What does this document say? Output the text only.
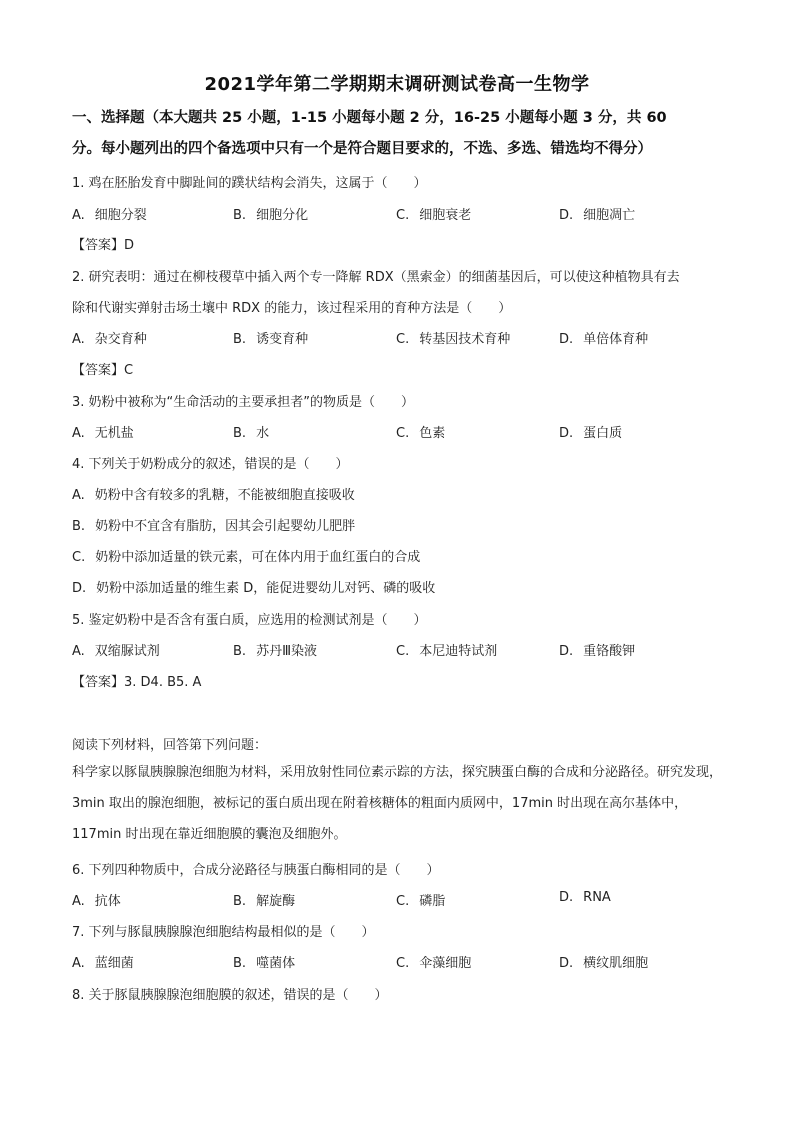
2021学年第二学期期末调研测试卷高一生物学
一、选择题（本大题共 25 小题，1-15 小题每小题 2 分，16-25 小题每小题 3 分，共 60
分。每小题列出的四个备选项中只有一个是符合题目要求的，不选、多选、错选均不得分）
1. 鸡在胚胎发育中脚趾间的蹼状结构会消失，这属于（　　）
A. 细胞分裂	B. 细胞分化	C. 细胞衰老	D. 细胞凋亡
【答案】D
2. 研究表明：通过在柳枝稷草中插入两个专一降解 RDX（黑索金）的细菌基因后，可以使这种植物具有去
除和代谢实弹射击场土壤中 RDX 的能力，该过程采用的育种方法是（　　）
A. 杂交育种	B. 诱变育种	C. 转基因技术育种	D. 单倍体育种
【答案】C
3. 奶粉中被称为“生命活动的主要承担者”的物质是（　　）
A. 无机盐	B. 水	C. 色素	D. 蛋白质
4. 下列关于奶粉成分的叙述，错误的是（　　）
A. 奶粉中含有较多的乳糖，不能被细胞直接吸收
B. 奶粉中不宜含有脂肪，因其会引起婴幼儿肥胖
C. 奶粉中添加适量的铁元素，可在体内用于血红蛋白的合成
D. 奶粉中添加适量的维生素 D，能促进婴幼儿对钙、磷的吸收
5. 鉴定奶粉中是否含有蛋白质，应选用的检测试剂是（　　）
A. 双缩脲试剂	B. 苏丹Ⅲ染液	C. 本尼迪特试剂	D. 重铬酸钾
【答案】3. D4. B5. A
阅读下列材料，回答第下列问题：
科学家以豚鼠胰腺腺泡细胞为材料，采用放射性同位素示踪的方法，探究胰蛋白酶的合成和分泌路径。研究发现，3min 取出的腺泡细胞，被标记的蛋白质出现在附着核糖体的粗面内质网中，17min 时出现在高尔基体中，117min 时出现在靠近细胞膜的囊泡及细胞外。
6. 下列四种物质中，合成分泌路径与胰蛋白酶相同的是（　　）
A. 抗体	B. 解旋酶	C. 磷脂	D. RNA
7. 下列与豚鼠胰腺腺泡细胞结构最相似的是（　　）
A. 蓝细菌	B. 噬菌体	C. 伞藻细胞	D. 横纹肌细胞
8. 关于豚鼠胰腺腺泡细胞膜的叙述，错误的是（　　）
